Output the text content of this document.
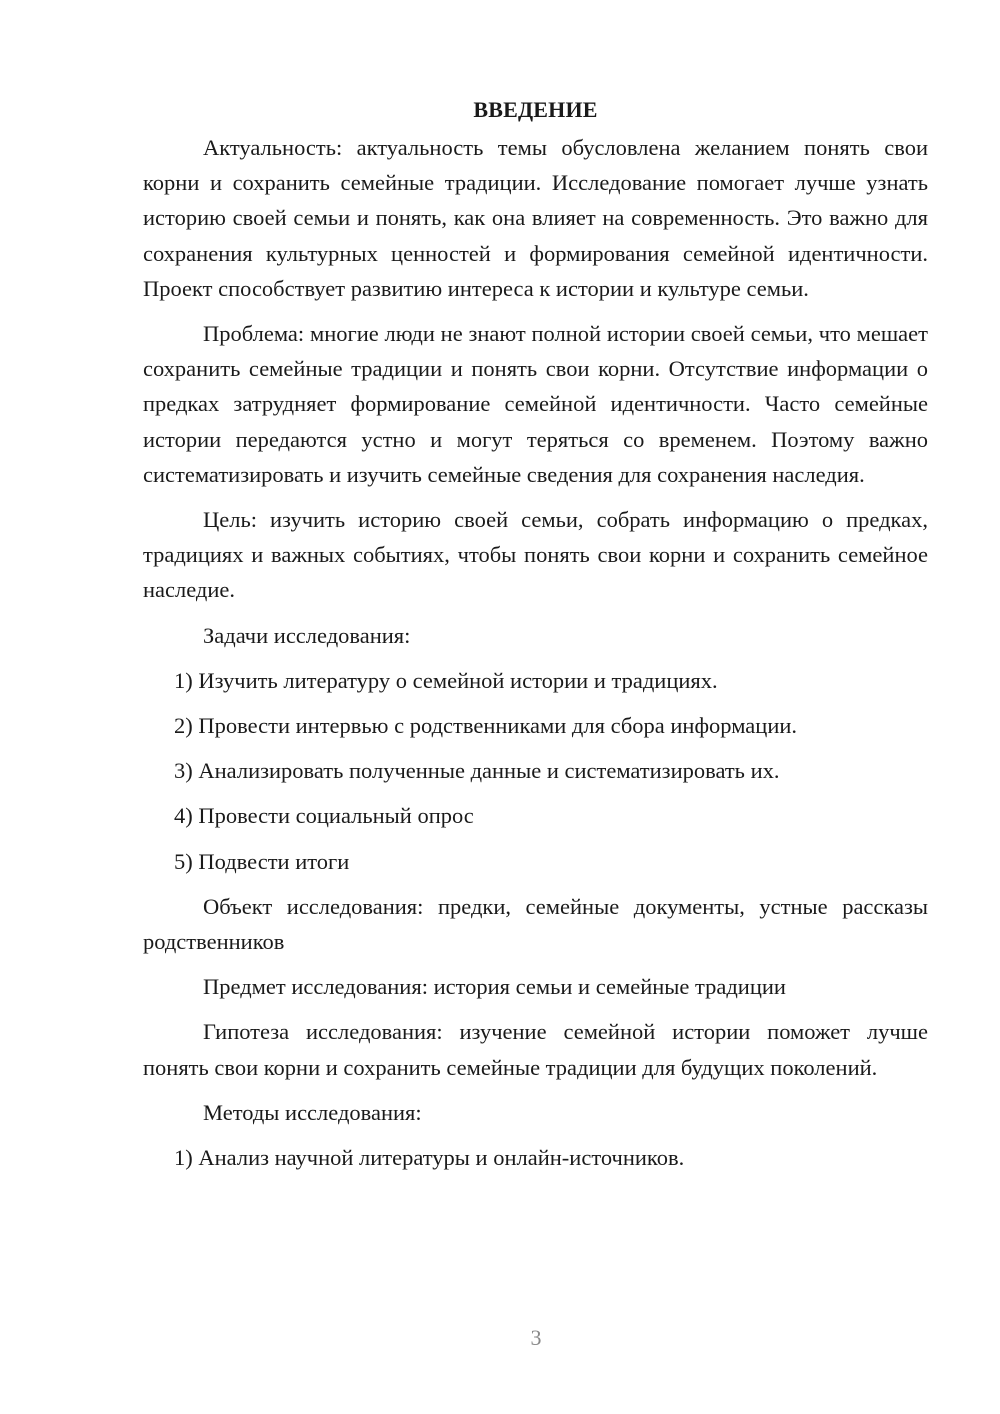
ВВЕДЕНИЕ

Актуальность: актуальность темы обусловлена желанием понять свои корни и сохранить семейные традиции. Исследование помогает лучше узнать историю своей семьи и понять, как она влияет на современность. Это важно для сохранения культурных ценностей и формирования семейной идентичности. Проект способствует развитию интереса к истории и культуре семьи.

Проблема: многие люди не знают полной истории своей семьи, что мешает сохранить семейные традиции и понять свои корни. Отсутствие информации о предках затрудняет формирование семейной идентичности. Часто семейные истории передаются устно и могут теряться со временем. Поэтому важно систематизировать и изучить семейные сведения для сохранения наследия.

Цель: изучить историю своей семьи, собрать информацию о предках, традициях и важных событиях, чтобы понять свои корни и сохранить семейное наследие.

Задачи исследования:
1) Изучить литературу о семейной истории и традициях.
2) Провести интервью с родственниками для сбора информации.
3) Анализировать полученные данные и систематизировать их.
4) Провести социальный опрос
5) Подвести итоги

Объект исследования: предки, семейные документы, устные рассказы родственников

Предмет исследования: история семьи и семейные традиции

Гипотеза исследования: изучение семейной истории поможет лучше понять свои корни и сохранить семейные традиции для будущих поколений.

Методы исследования:
1) Анализ научной литературы и онлайн-источников.
3
